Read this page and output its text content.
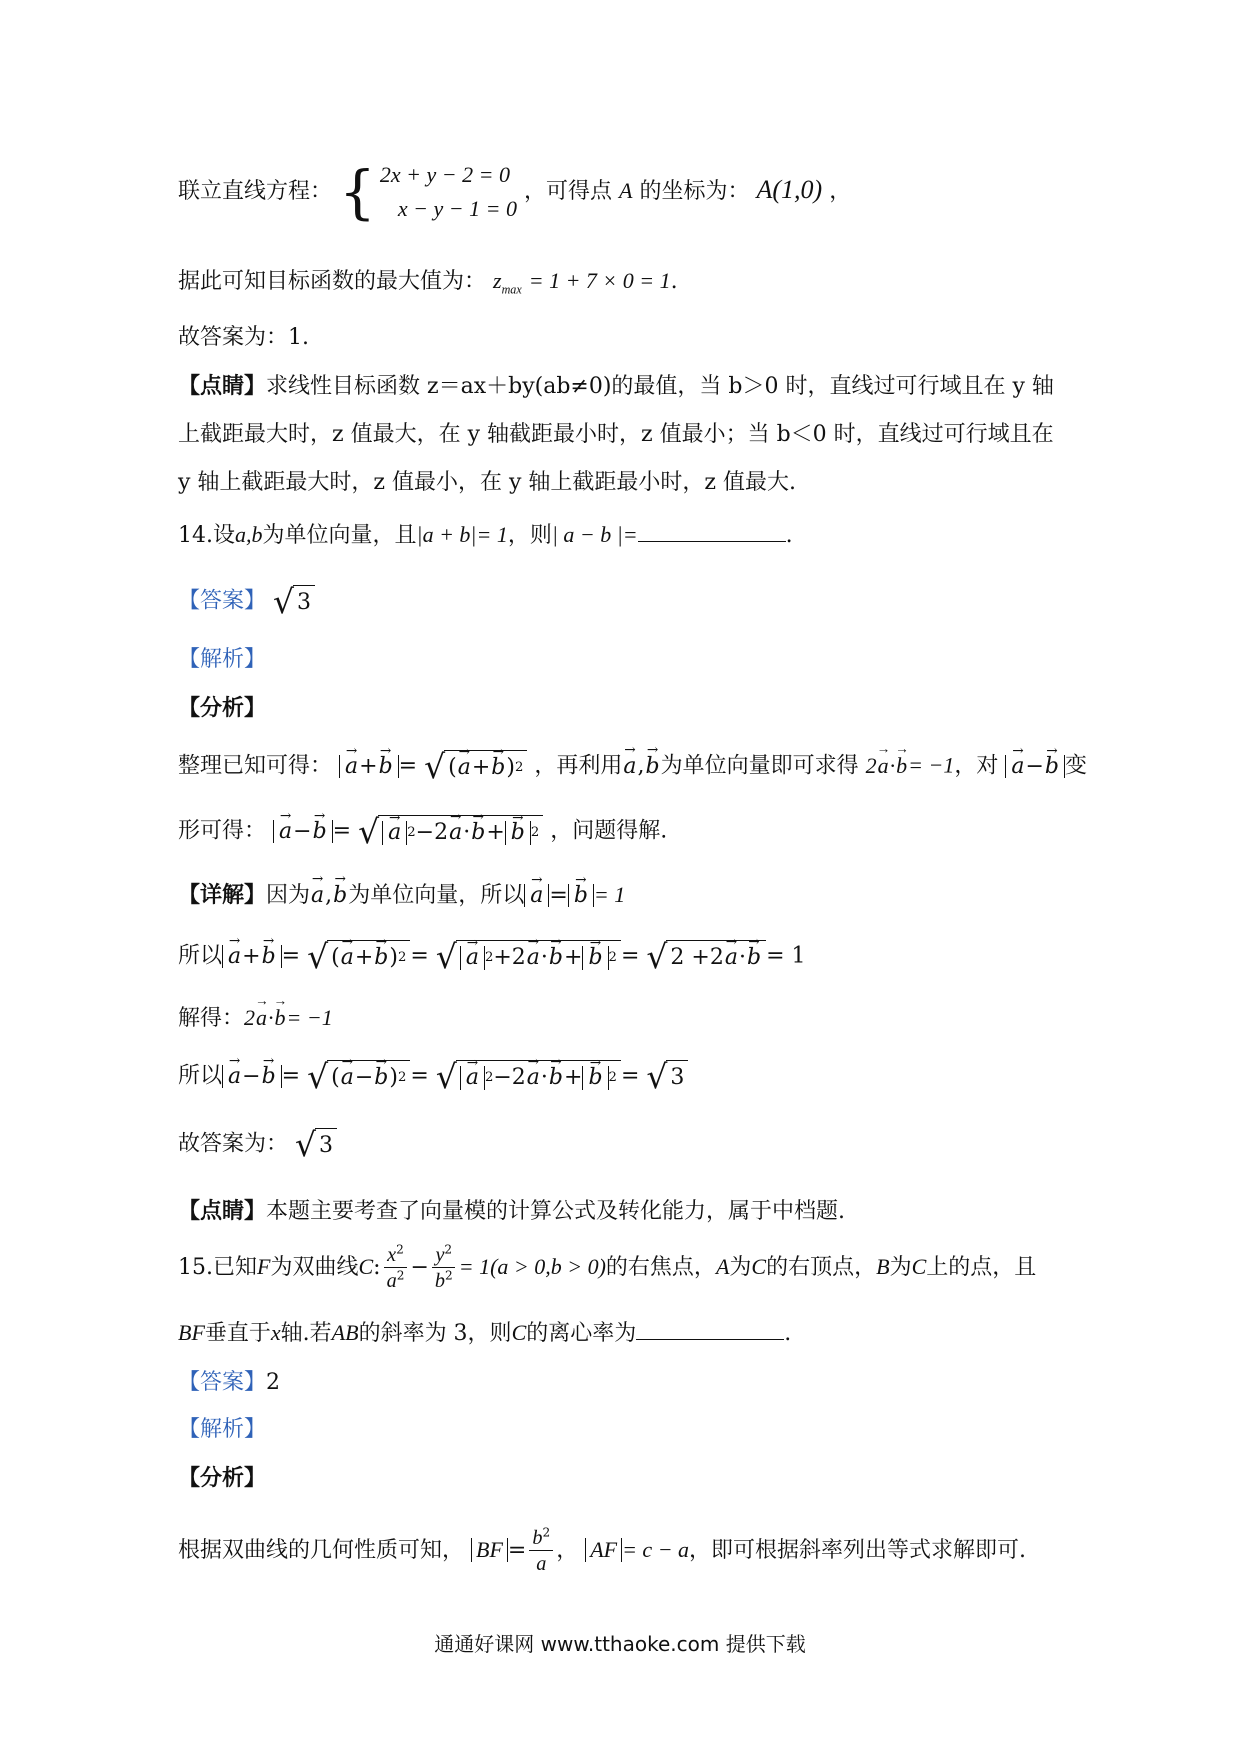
联立直线方程： { 2x + y − 2 = 0
x − y − 1 = 0
，可得点 A 的坐标为： A(1,0) ，
据此可知目标函数的最大值为： $z_{max} = 1 + 7 \times 0 = 1$.
故答案为：1.
【点睛】求线性目标函数 z＝ax＋by(ab≠0)的最值，当 b＞0 时，直线过可行域且在 y 轴上截距最大时，z 值最大，在 y 轴截距最小时，z 值最小；当 b＜0 时，直线过可行域且在 y 轴上截距最大时，z 值最小，在 y 轴上截距最小时，z 值最大.
14.设a,b为单位向量，且|a + b|= 1，则| a − b |=	.
【答案】 √ 3
【解析】
【分析】
整理已知可得： → a+→ b = √ ( → a + → b ) 2 ，再利用→ a,→ b为单位向量即可求得 2→ a·→ b= −1，对 → a−→ b 变
形可得： → a−→ b = √ → a 2 −2 → a · → b + → b 2 ，问题得解.
【详解】因为→ a,→ b为单位向量，所以 → a = → b = 1
所以 → a+→ b = √ ( → a + → b ) 2 = √ → a 2 +2 → a · → b + → b 2 = √ 2 + 2 → a · → b = 1
解得：2→ a·→ b= −1
所以 → a−→ b = √ ( → a − → b ) 2 = √ → a 2 −2 → a · → b + → b 2 = √ 3
故答案为： √ 3
【点睛】本题主要考查了向量模的计算公式及转化能力，属于中档题.
15.已知F为双曲线C: $\frac{x^2}{a^2} - \frac{y^2}{b^2} = 1(a > 0,b > 0)$的右焦点，A为C的右顶点，B为C上的点，且
BF垂直于x轴.若AB的斜率为 3，则C的离心率为	.
【答案】2
【解析】
【分析】
根据双曲线的几何性质可知， BF = $\frac{b^2}{a}$ ， AF = c − a，即可根据斜率列出等式求解即可.
通通好课网 www.tthaoke.com 提供下载
